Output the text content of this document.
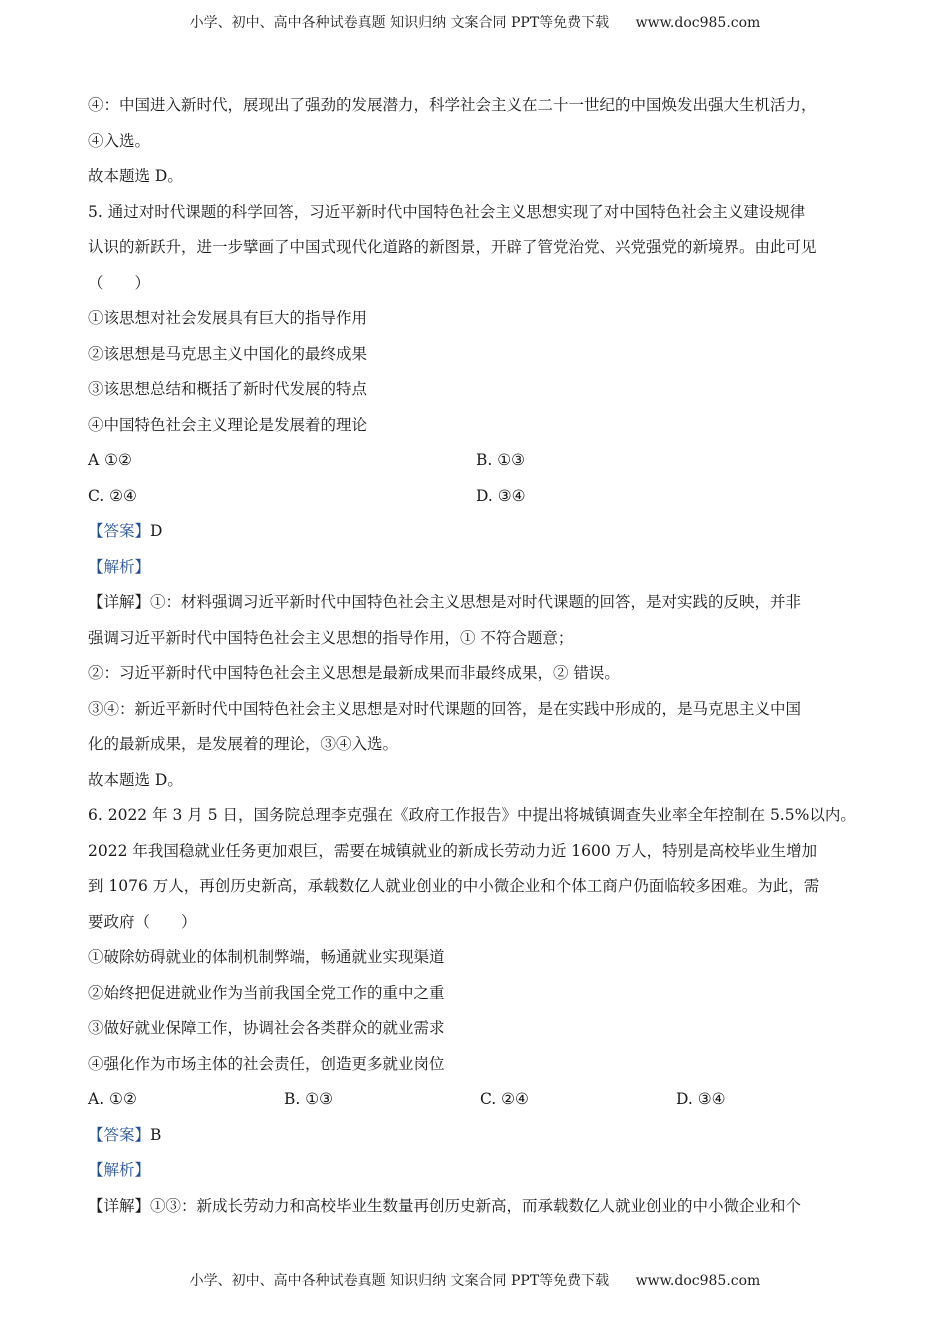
小学、初中、高中各种试卷真题 知识归纳 文案合同 PPT等免费下载 www.doc985.com
④：中国进入新时代，展现出了强劲的发展潜力，科学社会主义在二十一世纪的中国焕发出强大生机活力，
④入选。
故本题选 D。
5. 通过对时代课题的科学回答，习近平新时代中国特色社会主义思想实现了对中国特色社会主义建设规律
认识的新跃升，进一步擘画了中国式现代化道路的新图景，开辟了管党治党、兴党强党的新境界。由此可见
（　　）
①该思想对社会发展具有巨大的指导作用
②该思想是马克思主义中国化的最终成果
③该思想总结和概括了新时代发展的特点
④中国特色社会主义理论是发展着的理论
A ①②	B. ①③
C. ②④	D. ③④
【答案】D
【解析】
【详解】①：材料强调习近平新时代中国特色社会主义思想是对时代课题的回答，是对实践的反映，并非
强调习近平新时代中国特色社会主义思想的指导作用，① 不符合题意；
②：习近平新时代中国特色社会主义思想是最新成果而非最终成果，② 错误。
③④：新近平新时代中国特色社会主义思想是对时代课题的回答，是在实践中形成的，是马克思主义中国
化的最新成果，是发展着的理论，③④入选。
故本题选 D。
6. 2022 年 3 月 5 日，国务院总理李克强在《政府工作报告》中提出将城镇调查失业率全年控制在 5.5%以内。
2022 年我国稳就业任务更加艰巨，需要在城镇就业的新成长劳动力近 1600 万人，特别是高校毕业生增加
到 1076 万人，再创历史新高，承载数亿人就业创业的中小微企业和个体工商户仍面临较多困难。为此，需
要政府（　　）
①破除妨碍就业的体制机制弊端，畅通就业实现渠道
②始终把促进就业作为当前我国全党工作的重中之重
③做好就业保障工作，协调社会各类群众的就业需求
④强化作为市场主体的社会责任，创造更多就业岗位
A. ①②	B. ①③	C. ②④	D. ③④
【答案】B
【解析】
【详解】①③：新成长劳动力和高校毕业生数量再创历史新高，而承载数亿人就业创业的中小微企业和个
小学、初中、高中各种试卷真题 知识归纳 文案合同 PPT等免费下载 www.doc985.com
